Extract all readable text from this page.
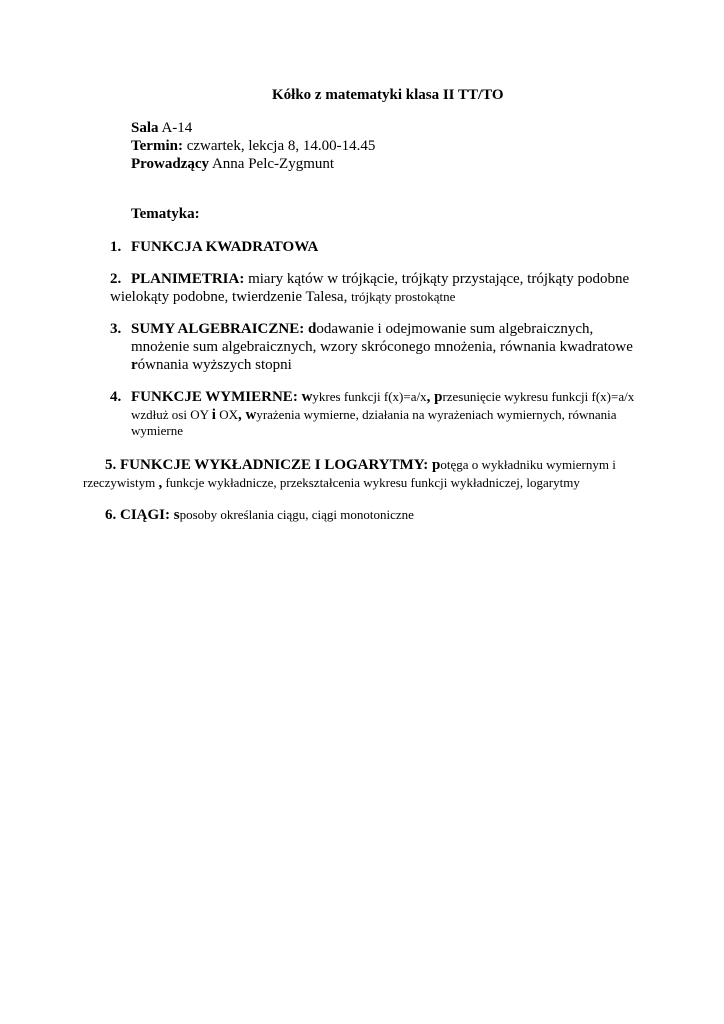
Kółko z matematyki klasa II TT/TO
Sala A-14
Termin: czwartek, lekcja 8, 14.00-14.45
Prowadzący Anna Pelc-Zygmunt
Tematyka:
1. FUNKCJA KWADRATOWA
2. PLANIMETRIA: miary kątów w trójkącie, trójkąty przystające, trójkąty podobne
wielokąty podobne, twierdzenie Talesa, trójkąty prostokątne
3. SUMY ALGEBRAICZNE: dodawanie i odejmowanie sum algebraicznych,
mnożenie sum algebraicznych, wzory skróconego mnożenia, równania kwadratowe
równania wyższych stopni
4. FUNKCJE WYMIERNE: wykres funkcji f(x)=a/x, przesunięcie wykresu funkcji f(x)=a/x
wzdłuż osi OY i OX, wyrażenia wymierne, działania na wyrażeniach wymiernych, równania
wymierne
5. FUNKCJE WYKŁADNICZE I LOGARYTMY: potęga o wykładniku wymiernym i
rzeczywistym , funkcje wykładnicze, przekształcenia wykresu funkcji wykładniczej, logarytmy
6. CIĄGI: sposoby określania ciągu, ciągi monotoniczne
